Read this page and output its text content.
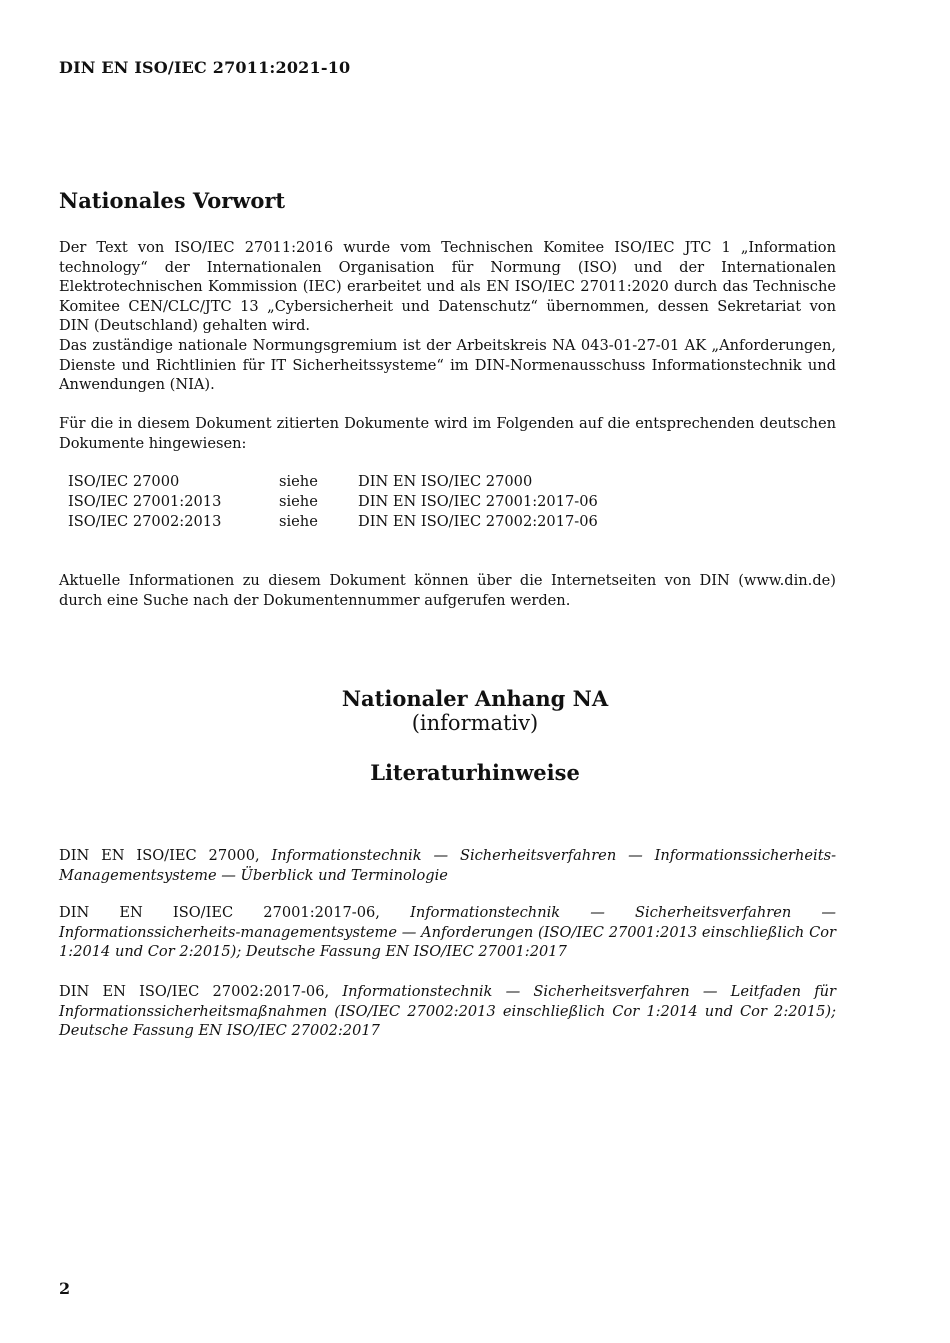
DIN EN ISO/IEC 27011:2021-10
Nationales Vorwort
Der Text von ISO/IEC 27011:2016 wurde vom Technischen Komitee ISO/IEC JTC 1 „Information technology“ der Internationalen Organisation für Normung (ISO) und der Internationalen Elektrotechnischen Kommission (IEC) erarbeitet und als EN ISO/IEC 27011:2020 durch das Technische Komitee CEN/CLC/JTC 13 „Cybersicherheit und Datenschutz“ übernommen, dessen Sekretariat von DIN (Deutschland) gehalten wird.
Das zuständige nationale Normungsgremium ist der Arbeitskreis NA 043-01-27-01 AK „Anforderungen, Dienste und Richtlinien für IT Sicherheitssysteme“ im DIN-Normenausschuss Informationstechnik und Anwendungen (NIA).
Für die in diesem Dokument zitierten Dokumente wird im Folgenden auf die entsprechenden deutschen Dokumente hingewiesen:
ISO/IEC 27000	siehe	DIN EN ISO/IEC 27000
ISO/IEC 27001:2013	siehe	DIN EN ISO/IEC 27001:2017-06
ISO/IEC 27002:2013	siehe	DIN EN ISO/IEC 27002:2017-06
Aktuelle Informationen zu diesem Dokument können über die Internetseiten von DIN (www.din.de) durch eine Suche nach der Dokumentennummer aufgerufen werden.
Nationaler Anhang NA
(informativ)
Literaturhinweise
DIN EN ISO/IEC 27000, Informationstechnik — Sicherheitsverfahren — Informationssicherheits-Managementsysteme — Überblick und Terminologie
DIN EN ISO/IEC 27001:2017-06, Informationstechnik — Sicherheitsverfahren — Informationssicherheits-managementsysteme — Anforderungen (ISO/IEC 27001:2013 einschließlich Cor 1:2014 und Cor 2:2015); Deutsche Fassung EN ISO/IEC 27001:2017
DIN EN ISO/IEC 27002:2017-06, Informationstechnik — Sicherheitsverfahren — Leitfaden für Informationssicherheitsmaßnahmen (ISO/IEC 27002:2013 einschließlich Cor 1:2014 und Cor 2:2015); Deutsche Fassung EN ISO/IEC 27002:2017
2
